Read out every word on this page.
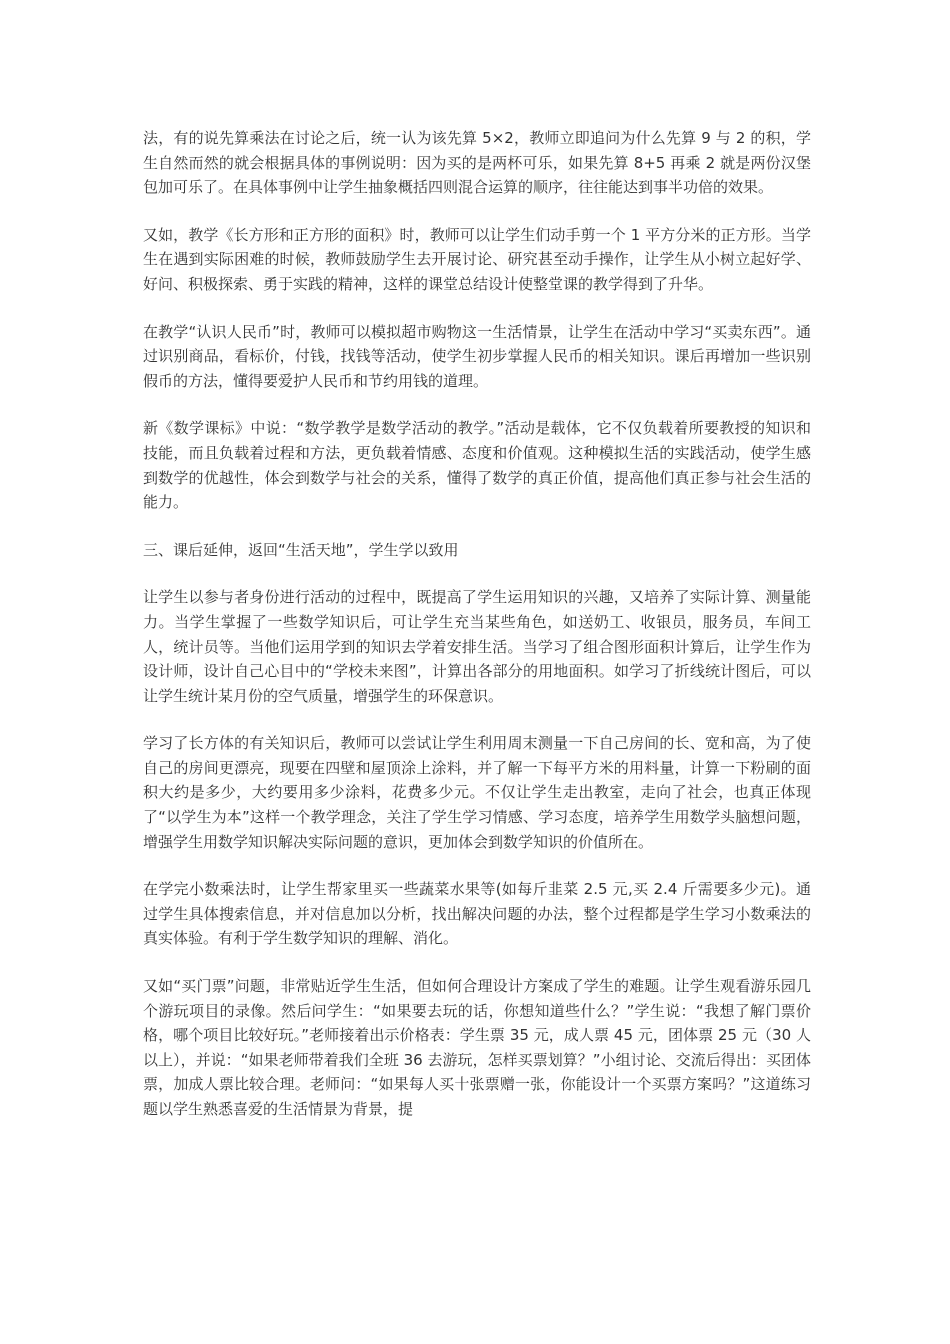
法，有的说先算乘法在讨论之后，统一认为该先算 5×2，教师立即追问为什么先算 9 与 2 的积，学生自然而然的就会根据具体的事例说明：因为买的是两杯可乐，如果先算 8+5 再乘 2 就是两份汉堡包加可乐了。在具体事例中让学生抽象概括四则混合运算的顺序，往往能达到事半功倍的效果。

又如，教学《长方形和正方形的面积》时，教师可以让学生们动手剪一个 1 平方分米的正方形。当学生在遇到实际困难的时候，教师鼓励学生去开展讨论、研究甚至动手操作，让学生从小树立起好学、好问、积极探索、勇于实践的精神，这样的课堂总结设计使整堂课的教学得到了升华。

在教学“认识人民币”时，教师可以模拟超市购物这一生活情景，让学生在活动中学习“买卖东西”。通过识别商品，看标价，付钱，找钱等活动，使学生初步掌握人民币的相关知识。课后再增加一些识别假币的方法，懂得要爱护人民币和节约用钱的道理。

新《数学课标》中说：“数学教学是数学活动的教学。”活动是载体，它不仅负载着所要教授的知识和技能，而且负载着过程和方法，更负载着情感、态度和价值观。这种模拟生活的实践活动，使学生感到数学的优越性，体会到数学与社会的关系，懂得了数学的真正价值，提高他们真正参与社会生活的能力。

三、课后延伸，返回“生活天地”，学生学以致用

让学生以参与者身份进行活动的过程中，既提高了学生运用知识的兴趣，又培养了实际计算、测量能力。当学生掌握了一些数学知识后，可让学生充当某些角色，如送奶工、收银员，服务员，车间工人，统计员等。当他们运用学到的知识去学着安排生活。当学习了组合图形面积计算后，让学生作为设计师，设计自己心目中的“学校未来图”，计算出各部分的用地面积。如学习了折线统计图后，可以让学生统计某月份的空气质量，增强学生的环保意识。

学习了长方体的有关知识后，教师可以尝试让学生利用周末测量一下自己房间的长、宽和高，为了使自己的房间更漂亮，现要在四壁和屋顶涂上涂料，并了解一下每平方米的用料量，计算一下粉刷的面积大约是多少，大约要用多少涂料，花费多少元。不仅让学生走出教室，走向了社会，也真正体现了“以学生为本”这样一个教学理念，关注了学生学习情感、学习态度，培养学生用数学头脑想问题，增强学生用数学知识解决实际问题的意识，更加体会到数学知识的价值所在。

在学完小数乘法时，让学生帮家里买一些蔬菜水果等(如每斤韭菜 2.5 元,买 2.4 斤需要多少元)。通过学生具体搜索信息，并对信息加以分析，找出解决问题的办法，整个过程都是学生学习小数乘法的真实体验。有利于学生数学知识的理解、消化。

又如“买门票”问题，非常贴近学生生活，但如何合理设计方案成了学生的难题。让学生观看游乐园几个游玩项目的录像。然后问学生：“如果要去玩的话，你想知道些什么？”学生说：“我想了解门票价格，哪个项目比较好玩。”老师接着出示价格表：学生票 35 元，成人票 45 元，团体票 25 元（30 人以上），并说：“如果老师带着我们全班 36 去游玩，怎样买票划算？”小组讨论、交流后得出：买团体票，加成人票比较合理。老师问：“如果每人买十张票赠一张，你能设计一个买票方案吗？”这道练习题以学生熟悉喜爱的生活情景为背景，提
